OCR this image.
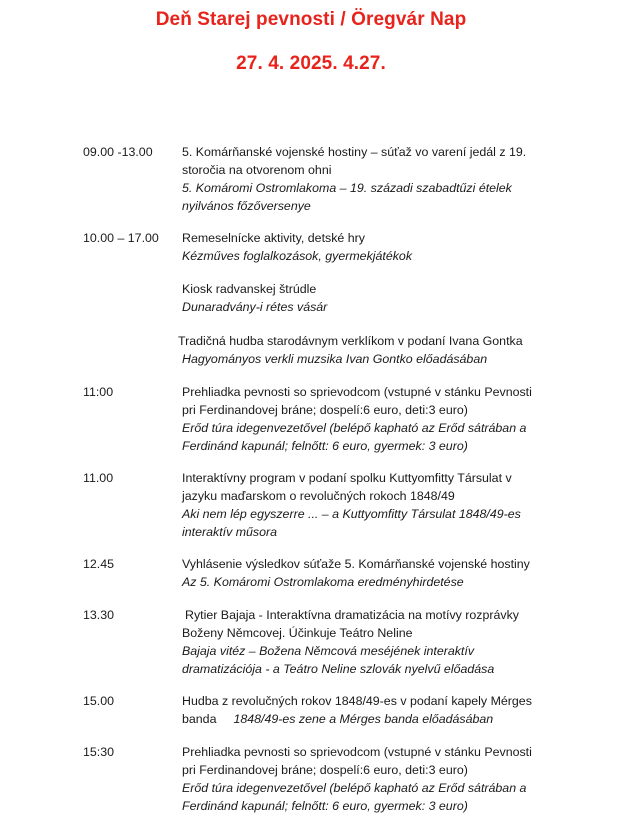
Deň Starej pevnosti / Öregvár Nap
27. 4. 2025. 4.27.
09.00 -13.00 5. Komárňanské vojenské hostiny – súťaž vo varení jedál z 19.
storočia na otvorenom ohni
5. Komáromi Ostromlakoma – 19. századi szabadtűzi ételek
nyilvános főzőversenye
10.00 – 17.00 Remeselnícke aktivity, detské hry
Kézműves foglalkozások, gyermekjátékok
Kiosk radvanskej štrúdle
Dunaradvány-i rétes vásár
Tradičná hudba starodávnym verklíkom v podaní Ivana Gontka
Hagyományos verkli muzsika Ivan Gontko előadásában
11:00	Prehliadka pevnosti so sprievodcom (vstupné v stánku Pevnosti
pri Ferdinandovej bráne; dospelí:6 euro, deti:3 euro)
Erőd túra idegenvezetővel (belépő kapható az Erőd sátrában a
Ferdinánd kapunál; felnőtt: 6 euro, gyermek: 3 euro)
11.00	Interaktívny program v podaní spolku Kuttyomfitty Társulat v
jazyku maďarskom o revolučných rokoch 1848/49
Aki nem lép egyszerre ... – a Kuttyomfitty Társulat 1848/49-es
interaktív műsora
12.45	Vyhlásenie výsledkov súťaže 5. Komárňanské vojenské hostiny
Az 5. Komáromi Ostromlakoma eredményhirdetése
13.30	Rytier Bajaja - Interaktívna dramatizácia na motívy rozprávky
Boženy Němcovej. Účinkuje Teátro Neline
Bajaja vitéz – Božena Němcová meséjének interaktív
dramatizációja - a Teátro Neline szlovák nyelvű előadása
15.00	Hudba z revolučných rokov 1848/49-es v podaní kapely Mérges
banda 1848/49-es zene a Mérges banda előadásában
15:30	Prehliadka pevnosti so sprievodcom (vstupné v stánku Pevnosti
pri Ferdinandovej bráne; dospelí:6 euro, deti:3 euro)
Erőd túra idegenvezetővel (belépő kapható az Erőd sátrában a
Ferdinánd kapunál; felnőtt: 6 euro, gyermek: 3 euro)
